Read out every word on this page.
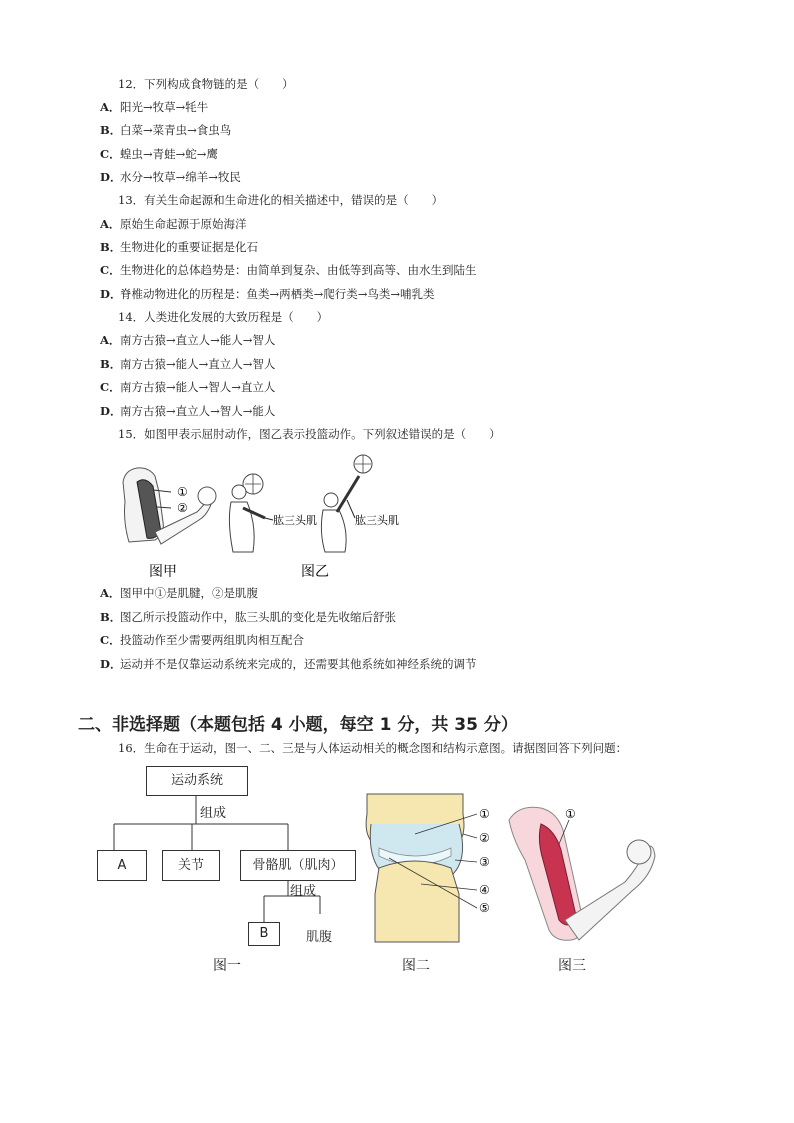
12．下列构成食物链的是（　　）
A．阳光→牧草→牦牛
B．白菜→菜青虫→食虫鸟
C．蝗虫→青蛙→蛇→鹰
D．水分→牧草→绵羊→牧民
13．有关生命起源和生命进化的相关描述中，错误的是（　　）
A．原始生命起源于原始海洋
B．生物进化的重要证据是化石
C．生物进化的总体趋势是：由简单到复杂、由低等到高等、由水生到陆生
D．脊椎动物进化的历程是：鱼类→两栖类→爬行类→鸟类→哺乳类
14．人类进化发展的大致历程是（　　）
A．南方古猿→直立人→能人→智人
B．南方古猿→能人→直立人→智人
C．南方古猿→能人→智人→直立人
D．南方古猿→直立人→智人→能人
15．如图甲表示屈肘动作，图乙表示投篮动作。下列叙述错误的是（　　）
①
②
图甲
肱三头肌	肱三头肌
图乙
A．图甲中①是肌腱，②是肌腹
B．图乙所示投篮动作中，肱三头肌的变化是先收缩后舒张
C．投篮动作至少需要两组肌肉相互配合
D．运动并不是仅靠运动系统来完成的，还需要其他系统如神经系统的调节
二、非选择题（本题包括 4 小题，每空 1 分，共 35 分）
16．生命在于运动，图一、二、三是与人体运动相关的概念图和结构示意图。请据图回答下列问题：
运动系统
组成
A	关节	骨骼肌（肌肉）
组成
B	肌腹
图一
①
②
③
④
⑤
图二
①
图三
